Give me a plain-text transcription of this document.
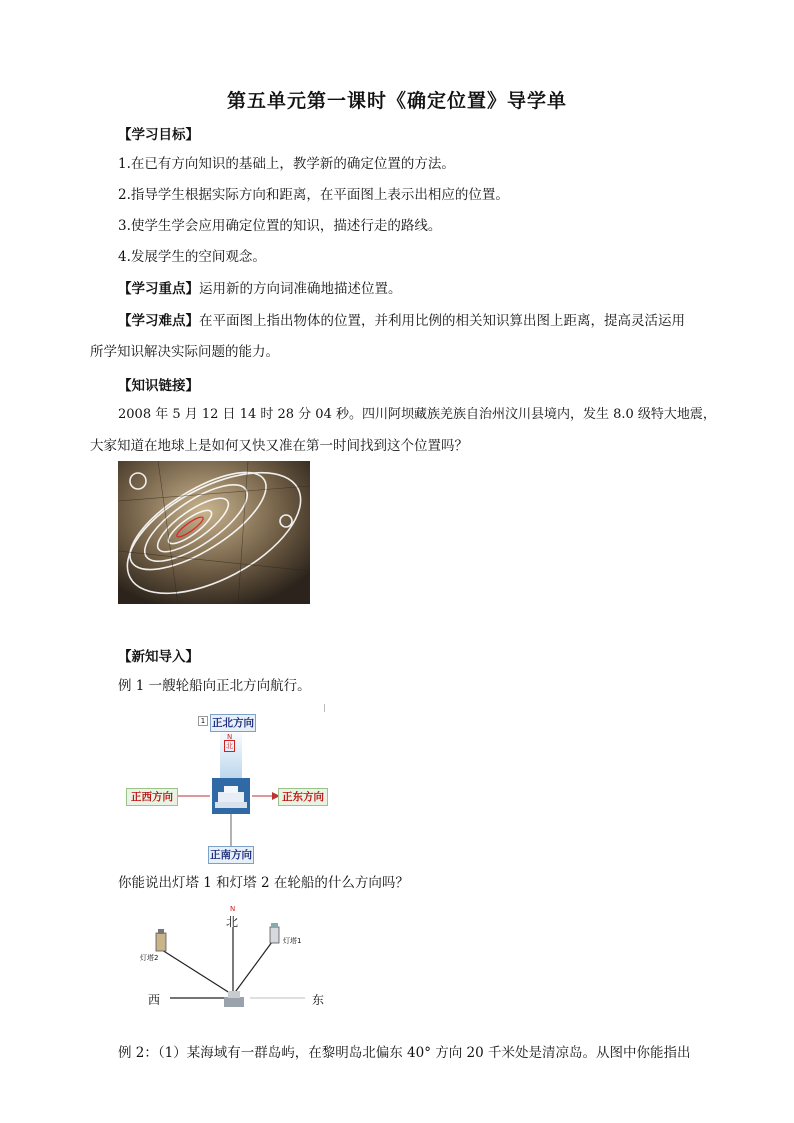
第五单元第一课时《确定位置》导学单
【学习目标】
1.在已有方向知识的基础上，教学新的确定位置的方法。
2.指导学生根据实际方向和距离，在平面图上表示出相应的位置。
3.使学生学会应用确定位置的知识，描述行走的路线。
4.发展学生的空间观念。
【学习重点】运用新的方向词准确地描述位置。
【学习难点】在平面图上指出物体的位置，并利用比例的相关知识算出图上距离，提高灵活运用
所学知识解决实际问题的能力。
【知识链接】
2008 年 5 月 12 日 14 时 28 分 04 秒。四川阿坝藏族羌族自治州汶川县境内，发生 8.0 级特大地震，
大家知道在地球上是如何又快又准在第一时间找到这个位置吗？
【新知导入】
例 1 一艘轮船向正北方向航行。
1 正北方向
N
北
正西方向	正东方向
正南方向
你能说出灯塔 1 和灯塔 2 在轮船的什么方向吗？
N
北
西	东
灯塔2
灯塔1
例 2：（1）某海域有一群岛屿，在黎明岛北偏东 40° 方向 20 千米处是清凉岛。从图中你能指出
